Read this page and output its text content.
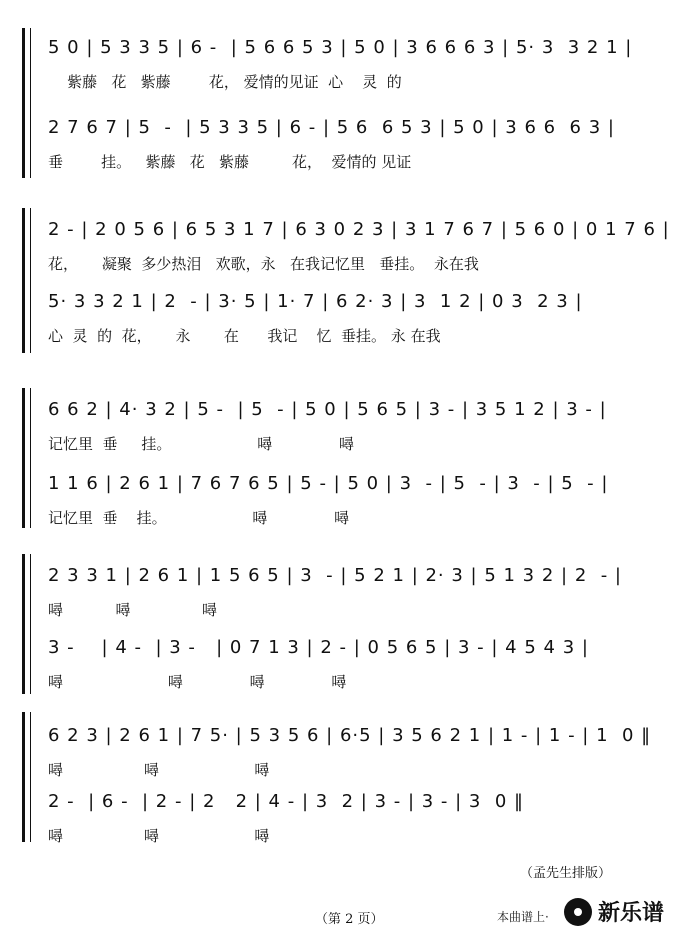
5 0 | 5 3 3 5 | 6 -  | 5 6 6 5 3 | 5 0 | 3 6 6 6 3 | 5· 3  3 2 1 |
紫藤   花   紫藤        花， 爱情的见证  心    灵  的
2 7 6 7 | 5  -  | 5 3 3 5 | 6 - | 5 6  6 5 3 | 5 0 | 3 6 6  6 3 |
垂        挂。   紫藤   花   紫藤         花，  爱情的 见证
2 - | 2 0 5 6 | 6 5 3 1 7 | 6 3 0 2 3 | 3 1 7 6 7 | 5 6 0 | 0 1 7 6 |
花，     凝聚  多少热泪   欢歌，永   在我记忆里   垂挂。  永在我
5· 3 3 2 1 | 2  - | 3· 5 | 1· 7 | 6 2· 3 | 3  1 2 | 0 3  2 3 |
心  灵  的  花，     永       在      我记    忆  垂挂。 永 在我
6 6 2 | 4· 3 2 | 5 -  | 5  - | 5 0 | 5 6 5 | 3 - | 3 5 1 2 | 3 - |
记忆里  垂     挂。                  噚              噚
1 1 6 | 2 6 1 | 7 6 7 6 5 | 5 - | 5 0 | 3  - | 5  - | 3  - | 5  - |
记忆里  垂    挂。                  噚              噚
2 3 3 1 | 2 6 1 | 1 5 6 5 | 3  - | 5 2 1 | 2· 3 | 5 1 3 2 | 2  - |
噚           噚               噚
3 -    | 4 -  | 3 -   | 0 7 1 3 | 2 - | 0 5 6 5 | 3 - | 4 5 4 3 |
噚                      噚              噚              噚
6 2 3 | 2 6 1 | 7 5· | 5 3 5 6 | 6·5 | 3 5 6 2 1 | 1 - | 1 - | 1  0 ‖
噚                 噚                    噚
2 -  | 6 -  | 2 - | 2   2 | 4 - | 3  2 | 3 - | 3 - | 3  0 ‖
噚                 噚                    噚
（孟先生排版）
（第 2 页）	本曲谱上· 新乐谱
